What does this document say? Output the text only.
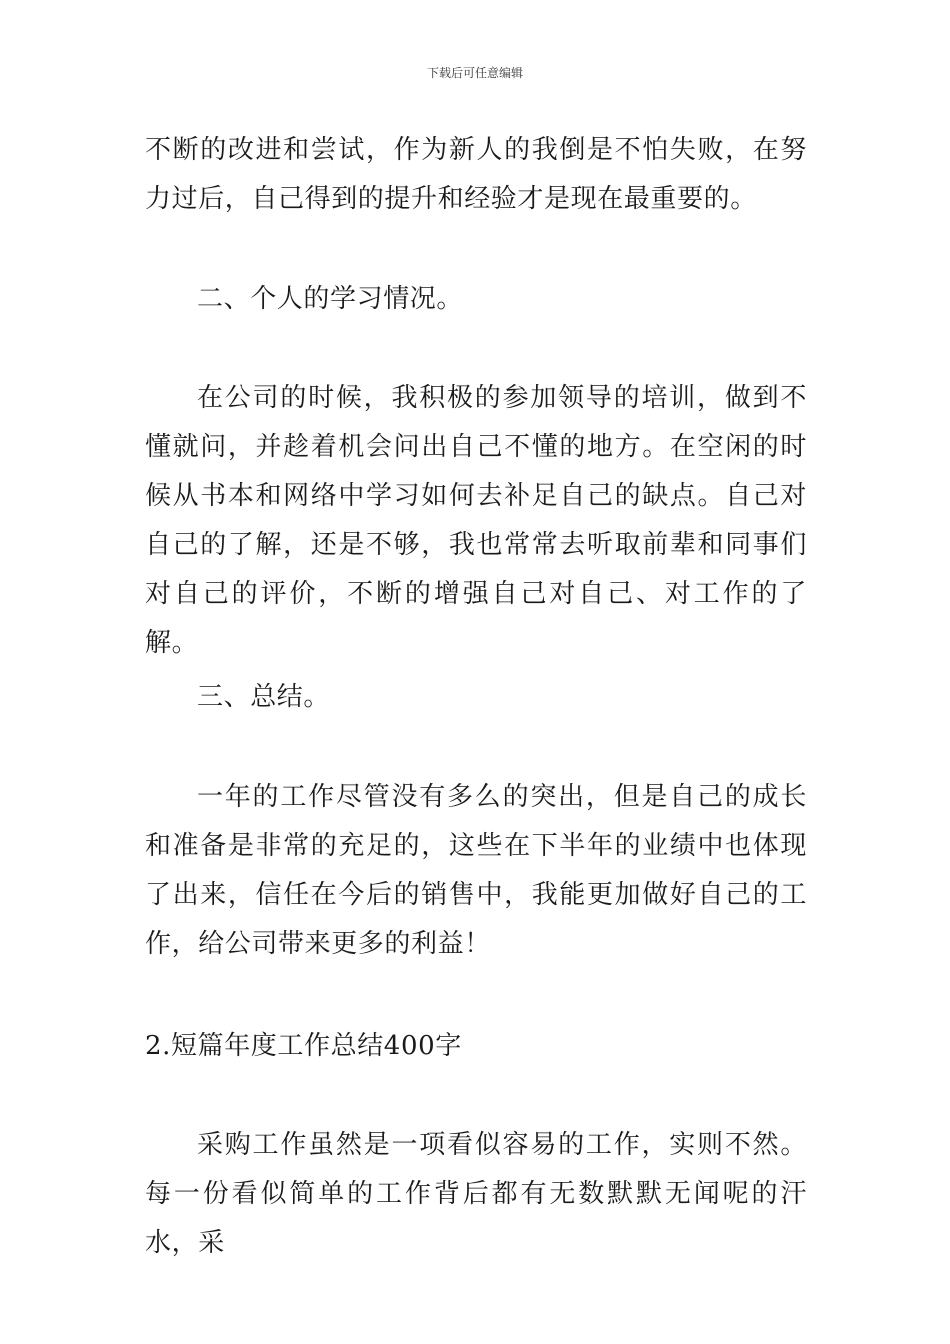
下载后可任意编辑

不断的改进和尝试，作为新人的我倒是不怕失败，在努力过后，自己得到的提升和经验才是现在最重要的。

二、个人的学习情况。

在公司的时候，我积极的参加领导的培训，做到不懂就问，并趁着机会问出自己不懂的地方。在空闲的时候从书本和网络中学习如何去补足自己的缺点。自己对自己的了解，还是不够，我也常常去听取前辈和同事们对自己的评价，不断的增强自己对自己、对工作的了解。

三、总结。

一年的工作尽管没有多么的突出，但是自己的成长和准备是非常的充足的，这些在下半年的业绩中也体现了出来，信任在今后的销售中，我能更加做好自己的工作，给公司带来更多的利益！

2.短篇年度工作总结400字

采购工作虽然是一项看似容易的工作，实则不然。每一份看似简单的工作背后都有无数默默无闻呢的汗水，采
